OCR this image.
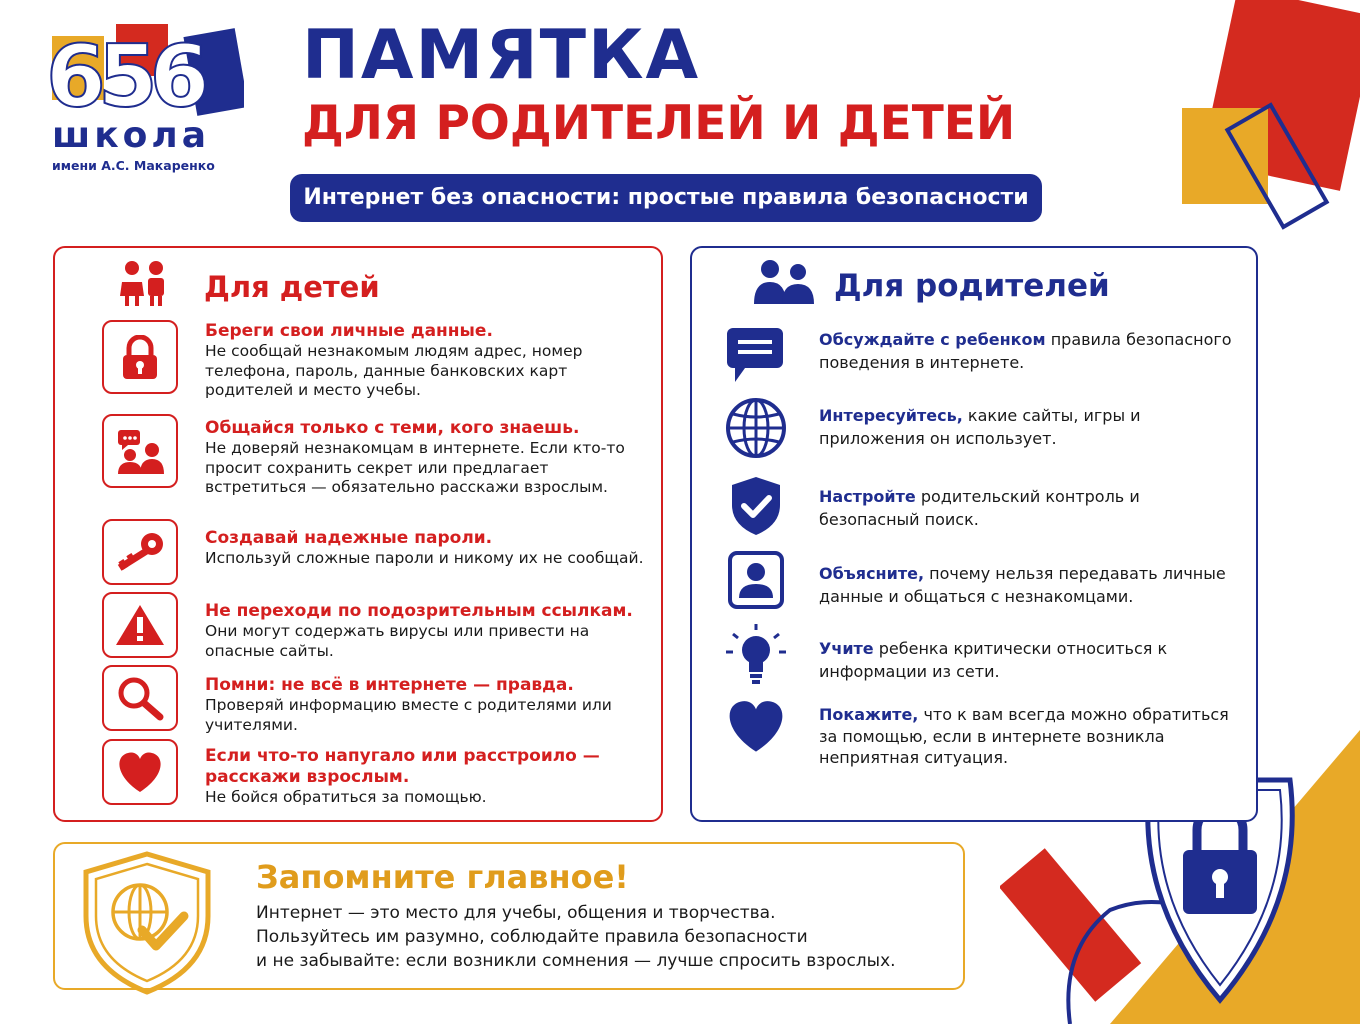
656
школа
имени А.С. Макаренко
ПАМЯТКА
ДЛЯ РОДИТЕЛЕЙ И ДЕТЕЙ
Интернет без опасности: простые правила безопасности
Для детей
Береги свои личные данные.
Не сообщай незнакомым людям адрес, номер телефона, пароль, данные банковских карт родителей и место учебы.
Общайся только с теми, кого знаешь.
Не доверяй незнакомцам в интернете. Если кто-то просит сохранить секрет или предлагает встретиться — обязательно расскажи взрослым.
Создавай надежные пароли.
Используй сложные пароли и никому их не сообщай.
Не переходи по подозрительным ссылкам.
Они могут содержать вирусы или привести на опасные сайты.
Помни: не всё в интернете — правда.
Проверяй информацию вместе с родителями или учителями.
Если что-то напугало или расстроило — расскажи взрослым.
Не бойся обратиться за помощью.
Для родителей
Обсуждайте с ребенком правила безопасного поведения в интернете.
Интересуйтесь, какие сайты, игры и приложения он использует.
Настройте родительский контроль и безопасный поиск.
Объясните, почему нельзя передавать личные данные и общаться с незнакомцами.
Учите ребенка критически относиться к информации из сети.
Покажите, что к вам всегда можно обратиться за помощью, если в интернете возникла неприятная ситуация.
Запомните главное!
Интернет — это место для учебы, общения и творчества.
Пользуйтесь им разумно, соблюдайте правила безопасности
и не забывайте: если возникли сомнения — лучше спросить взрослых.
